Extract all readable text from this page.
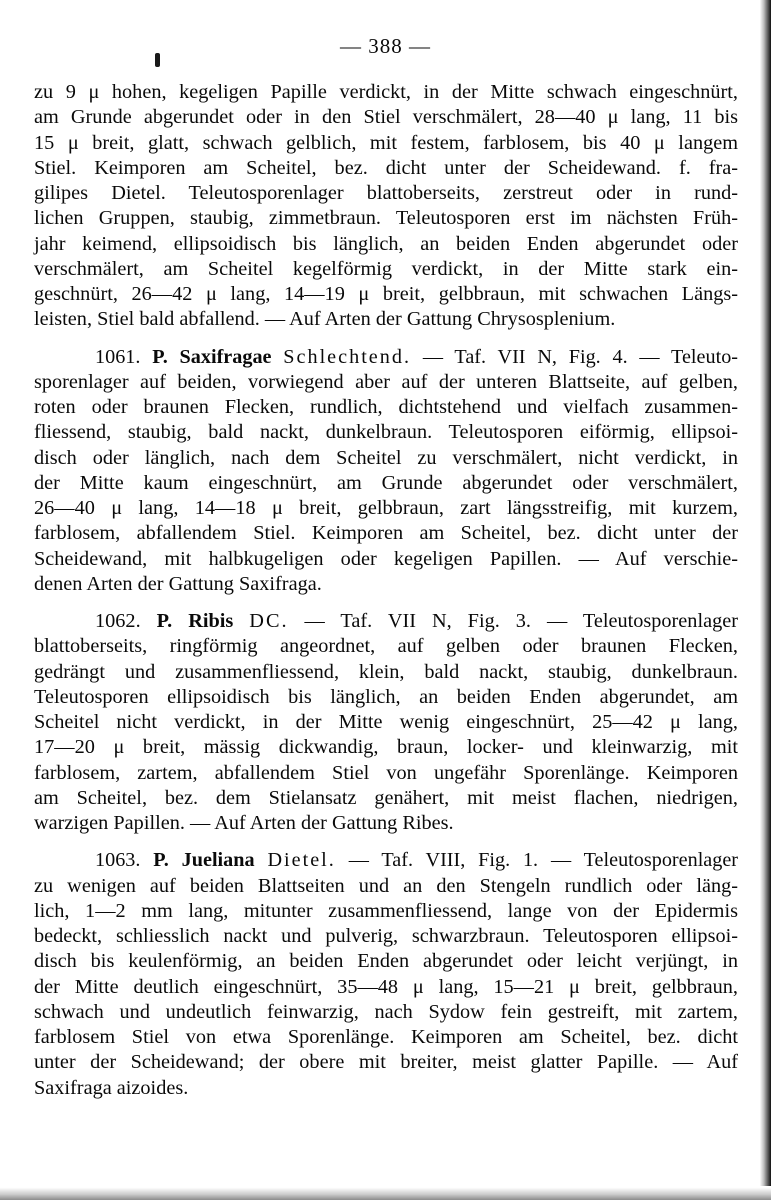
— 388 —

zu 9 μ hohen, kegeligen Papille verdickt, in der Mitte schwach eingeschnürt,
am Grunde abgerundet oder in den Stiel verschmälert, 28—40 μ lang, 11 bis
15 μ breit, glatt, schwach gelblich, mit festem, farblosem, bis 40 μ langem
Stiel. Keimporen am Scheitel, bez. dicht unter der Scheidewand. f. fra-
gilipes Dietel. Teleutosporenlager blattoberseits, zerstreut oder in rund-
lichen Gruppen, staubig, zimmetbraun. Teleutosporen erst im nächsten Früh-
jahr keimend, ellipsoidisch bis länglich, an beiden Enden abgerundet oder
verschmälert, am Scheitel kegelförmig verdickt, in der Mitte stark ein-
geschnürt, 26—42 μ lang, 14—19 μ breit, gelbbraun, mit schwachen Längs-
leisten, Stiel bald abfallend. — Auf Arten der Gattung Chrysosplenium.

1061. P. Saxifragae Schlechtend. — Taf. VII N, Fig. 4. — Teleuto-
sporenlager auf beiden, vorwiegend aber auf der unteren Blattseite, auf gelben,
roten oder braunen Flecken, rundlich, dichtstehend und vielfach zusammen-
fliessend, staubig, bald nackt, dunkelbraun. Teleutosporen eiförmig, ellipsoi-
disch oder länglich, nach dem Scheitel zu verschmälert, nicht verdickt, in
der Mitte kaum eingeschnürt, am Grunde abgerundet oder verschmälert,
26—40 μ lang, 14—18 μ breit, gelbbraun, zart längsstreifig, mit kurzem,
farblosem, abfallendem Stiel. Keimporen am Scheitel, bez. dicht unter der
Scheidewand, mit halbkugeligen oder kegeligen Papillen. — Auf verschie-
denen Arten der Gattung Saxifraga.

1062. P. Ribis DC. — Taf. VII N, Fig. 3. — Teleutosporenlager
blattoberseits, ringförmig angeordnet, auf gelben oder braunen Flecken,
gedrängt und zusammenfliessend, klein, bald nackt, staubig, dunkelbraun.
Teleutosporen ellipsoidisch bis länglich, an beiden Enden abgerundet, am
Scheitel nicht verdickt, in der Mitte wenig eingeschnürt, 25—42 μ lang,
17—20 μ breit, mässig dickwandig, braun, locker- und kleinwarzig, mit
farblosem, zartem, abfallendem Stiel von ungefähr Sporenlänge. Keimporen
am Scheitel, bez. dem Stielansatz genähert, mit meist flachen, niedrigen,
warzigen Papillen. — Auf Arten der Gattung Ribes.

1063. P. Jueliana Dietel. — Taf. VIII, Fig. 1. — Teleutosporenlager
zu wenigen auf beiden Blattseiten und an den Stengeln rundlich oder läng-
lich, 1—2 mm lang, mitunter zusammenfliessend, lange von der Epidermis
bedeckt, schliesslich nackt und pulverig, schwarzbraun. Teleutosporen ellipsoi-
disch bis keulenförmig, an beiden Enden abgerundet oder leicht verjüngt, in
der Mitte deutlich eingeschnürt, 35—48 μ lang, 15—21 μ breit, gelbbraun,
schwach und undeutlich feinwarzig, nach Sydow fein gestreift, mit zartem,
farblosem Stiel von etwa Sporenlänge. Keimporen am Scheitel, bez. dicht
unter der Scheidewand; der obere mit breiter, meist glatter Papille. — Auf
Saxifraga aizoides.
